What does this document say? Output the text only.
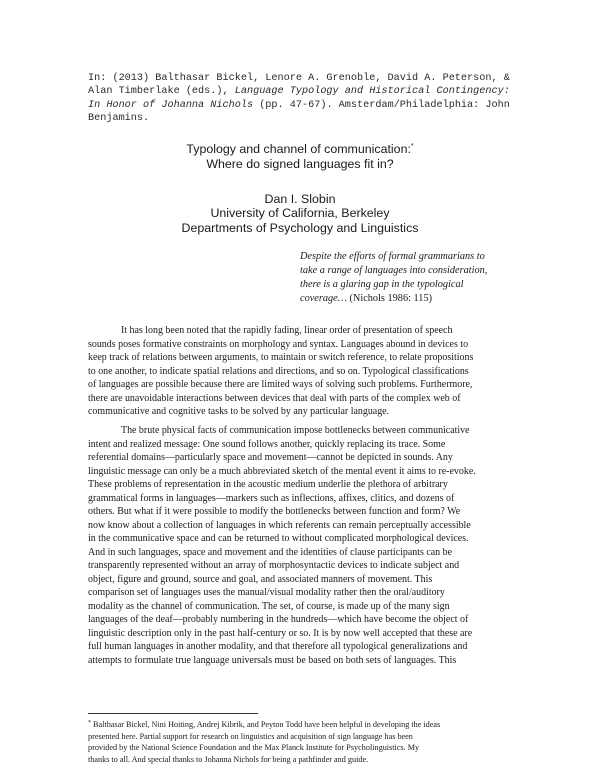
In: (2013) Balthasar Bickel, Lenore A. Grenoble, David A. Peterson, &
Alan Timberlake (eds.), Language Typology and Historical Contingency:
In Honor of Johanna Nichols (pp. 47-67). Amsterdam/Philadelphia: John
Benjamins.
Typology and channel of communication:*
Where do signed languages fit in?
Dan I. Slobin
University of California, Berkeley
Departments of Psychology and Linguistics
Despite the efforts of formal grammarians to
take a range of languages into consideration,
there is a glaring gap in the typological
coverage… (Nichols 1986: 115)
It has long been noted that the rapidly fading, linear order of presentation of speech
sounds poses formative constraints on morphology and syntax. Languages abound in devices to
keep track of relations between arguments, to maintain or switch reference, to relate propositions
to one another, to indicate spatial relations and directions, and so on. Typological classifications
of languages are possible because there are limited ways of solving such problems. Furthermore,
there are unavoidable interactions between devices that deal with parts of the complex web of
communicative and cognitive tasks to be solved by any particular language.
The brute physical facts of communication impose bottlenecks between communicative
intent and realized message: One sound follows another, quickly replacing its trace. Some
referential domains—particularly space and movement—cannot be depicted in sounds. Any
linguistic message can only be a much abbreviated sketch of the mental event it aims to re-evoke.
These problems of representation in the acoustic medium underlie the plethora of arbitrary
grammatical forms in languages—markers such as inflections, affixes, clitics, and dozens of
others. But what if it were possible to modify the bottlenecks between function and form? We
now know about a collection of languages in which referents can remain perceptually accessible
in the communicative space and can be returned to without complicated morphological devices.
And in such languages, space and movement and the identities of clause participants can be
transparently represented without an array of morphosyntactic devices to indicate subject and
object, figure and ground, source and goal, and associated manners of movement. This
comparison set of languages uses the manual/visual modality rather then the oral/auditory
modality as the channel of communication. The set, of course, is made up of the many sign
languages of the deaf—probably numbering in the hundreds—which have become the object of
linguistic description only in the past half-century or so. It is by now well accepted that these are
full human languages in another modality, and that therefore all typological generalizations and
attempts to formulate true language universals must be based on both sets of languages. This
* Balthasar Bickel, Nini Hoiting, Andrej Kibrik, and Peyton Todd have been helpful in developing the ideas
presented here. Partial support for research on linguistics and acquisition of sign language has been
provided by the National Science Foundation and the Max Planck Institute for Psycholinguistics. My
thanks to all. And special thanks to Johanna Nichols for being a pathfinder and guide.
